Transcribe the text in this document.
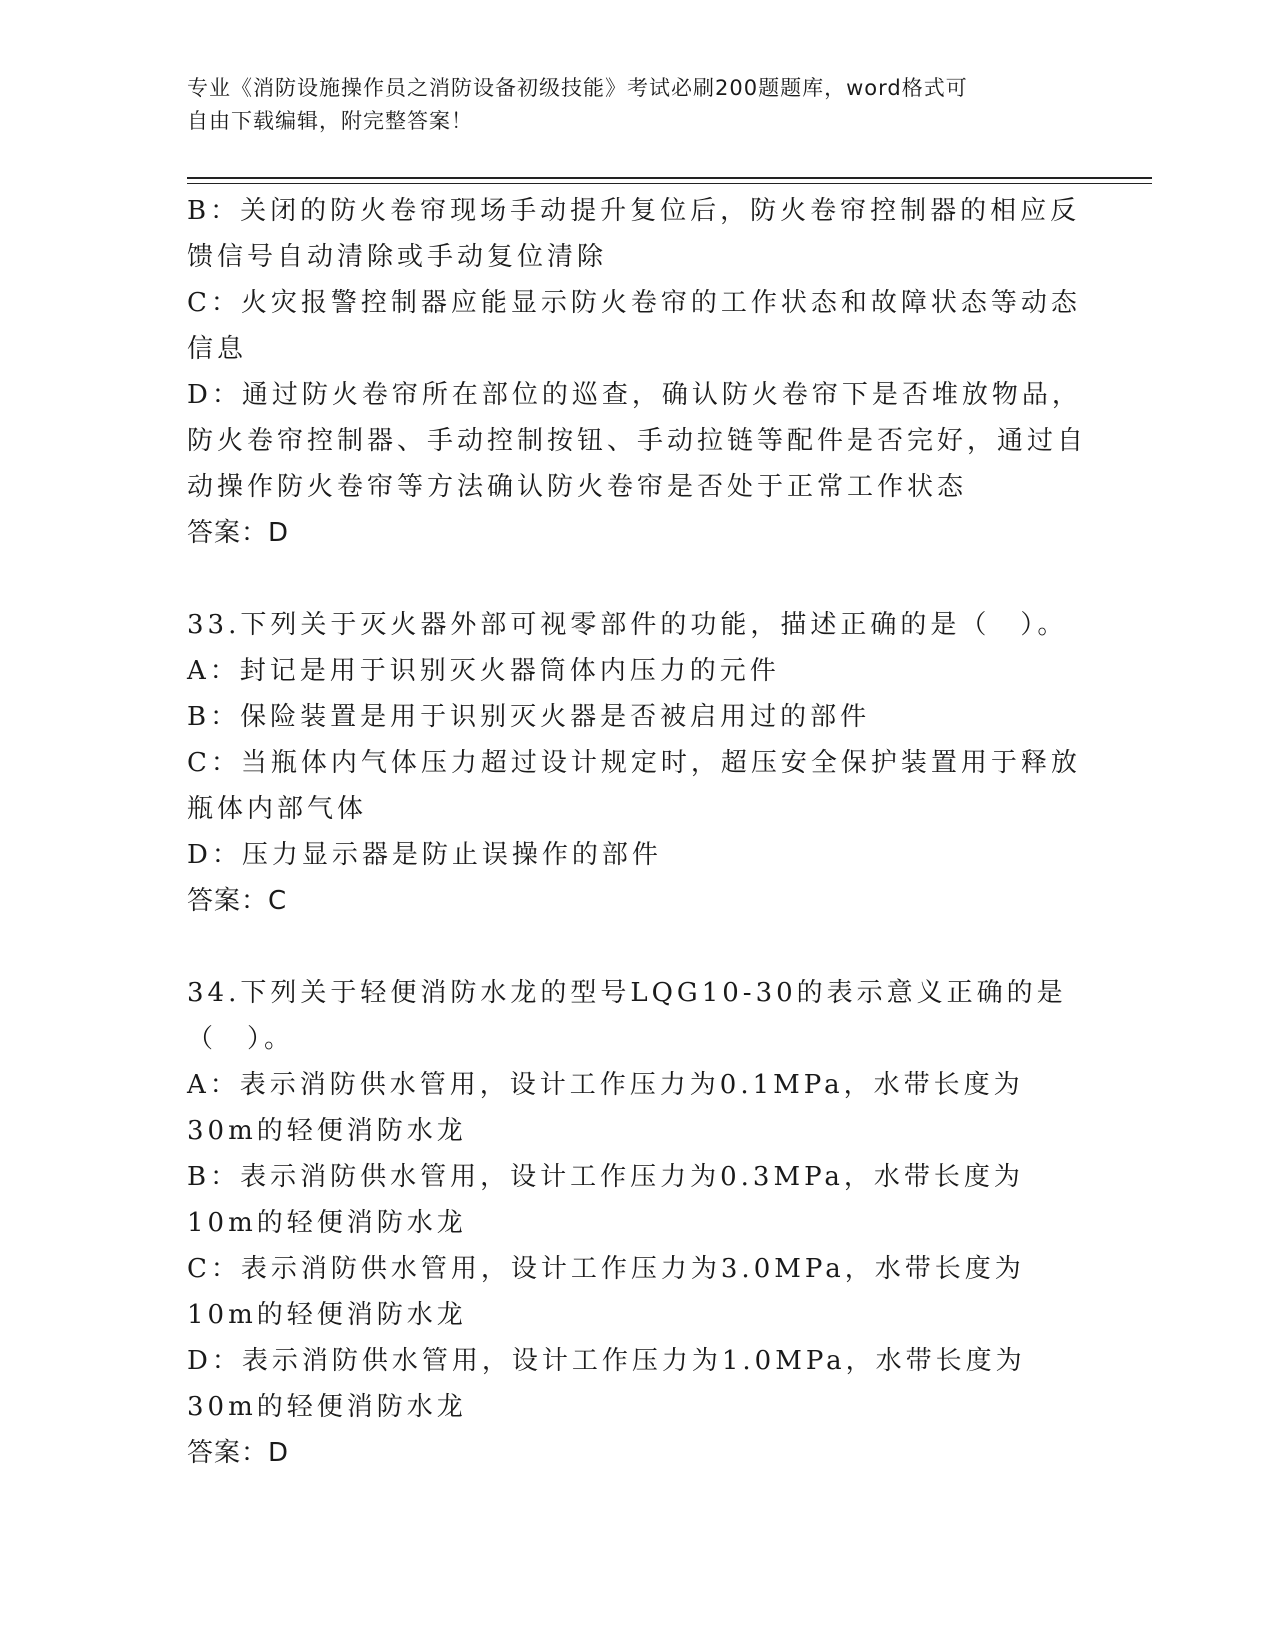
专业《消防设施操作员之消防设备初级技能》考试必刷200题题库，word格式可
自由下载编辑，附完整答案！

B：关闭的防火卷帘现场手动提升复位后，防火卷帘控制器的相应反馈信号自动清除或手动复位清除

C：火灾报警控制器应能显示防火卷帘的工作状态和故障状态等动态信息

D：通过防火卷帘所在部位的巡查，确认防火卷帘下是否堆放物品，防火卷帘控制器、手动控制按钮、手动拉链等配件是否完好，通过自动操作防火卷帘等方法确认防火卷帘是否处于正常工作状态

答案：D

33.下列关于灭火器外部可视零部件的功能，描述正确的是（　）。

A：封记是用于识别灭火器筒体内压力的元件

B：保险装置是用于识别灭火器是否被启用过的部件

C：当瓶体内气体压力超过设计规定时，超压安全保护装置用于释放瓶体内部气体

D：压力显示器是防止误操作的部件

答案：C

34.下列关于轻便消防水龙的型号LQG10-30的表示意义正确的是（　）。

A：表示消防供水管用，设计工作压力为0.1MPa，水带长度为30m的轻便消防水龙

B：表示消防供水管用，设计工作压力为0.3MPa，水带长度为10m的轻便消防水龙

C：表示消防供水管用，设计工作压力为3.0MPa，水带长度为10m的轻便消防水龙

D：表示消防供水管用，设计工作压力为1.0MPa，水带长度为30m的轻便消防水龙

答案：D
